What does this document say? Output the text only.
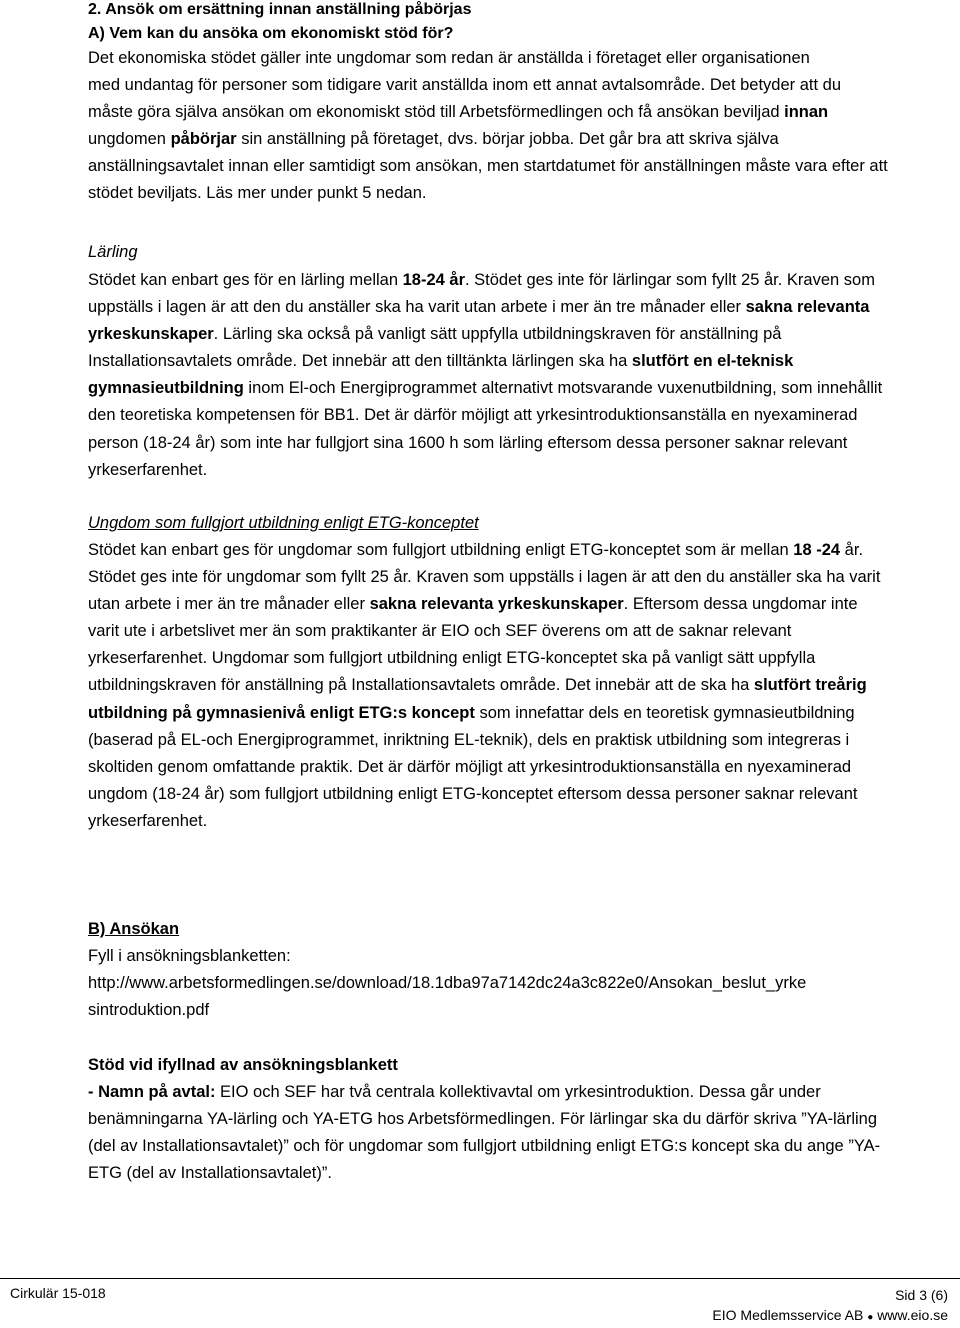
2. Ansök om ersättning innan anställning påbörjas
A) Vem kan du ansöka om ekonomiskt stöd för?
Det ekonomiska stödet gäller inte ungdomar som redan är anställda i företaget eller organisationen
med undantag för personer som tidigare varit anställda inom ett annat avtalsområde. Det betyder att du måste göra själva ansökan om ekonomiskt stöd till Arbetsförmedlingen och få ansökan beviljad innan ungdomen påbörjar sin anställning på företaget, dvs. börjar jobba. Det går bra att skriva själva anställningsavtalet innan eller samtidigt som ansökan, men startdatumet för anställningen måste vara efter att stödet beviljats. Läs mer under punkt 5 nedan.
Lärling
Stödet kan enbart ges för en lärling mellan 18-24 år. Stödet ges inte för lärlingar som fyllt 25 år. Kraven som uppställs i lagen är att den du anställer ska ha varit utan arbete i mer än tre månader eller sakna relevanta yrkeskunskaper. Lärling ska också på vanligt sätt uppfylla utbildningskraven för anställning på Installationsavtalets område. Det innebär att den tilltänkta lärlingen ska ha slutfört en el-teknisk gymnasieutbildning inom El-och Energiprogrammet alternativt motsvarande vuxenutbildning, som innehållit den teoretiska kompetensen för BB1. Det är därför möjligt att yrkesintroduktionsanställa en nyexaminerad person (18-24 år) som inte har fullgjort sina 1600 h som lärling eftersom dessa personer saknar relevant yrkeserfarenhet.
Ungdom som fullgjort utbildning enligt ETG-konceptet
Stödet kan enbart ges för ungdomar som fullgjort utbildning enligt ETG-konceptet som är mellan 18 -24 år. Stödet ges inte för ungdomar som fyllt 25 år. Kraven som uppställs i lagen är att den du anställer ska ha varit utan arbete i mer än tre månader eller sakna relevanta yrkeskunskaper. Eftersom dessa ungdomar inte varit ute i arbetslivet mer än som praktikanter är EIO och SEF överens om att de saknar relevant yrkeserfarenhet. Ungdomar som fullgjort utbildning enligt ETG-konceptet ska på vanligt sätt uppfylla utbildningskraven för anställning på Installationsavtalets område. Det innebär att de ska ha slutfört treårig utbildning på gymnasienivå enligt ETG:s koncept som innefattar dels en teoretisk gymnasieutbildning (baserad på EL-och Energiprogrammet, inriktning EL-teknik), dels en praktisk utbildning som integreras i skoltiden genom omfattande praktik. Det är därför möjligt att yrkesintroduktionsanställa en nyexaminerad ungdom (18-24 år) som fullgjort utbildning enligt ETG-konceptet eftersom dessa personer saknar relevant yrkeserfarenhet.
B) Ansökan
Fyll i ansökningsblanketten:
http://www.arbetsformedlingen.se/download/18.1dba97a7142dc24a3c822e0/Ansokan_beslut_yrke
sintroduktion.pdf
Stöd vid ifyllnad av ansökningsblankett
- Namn på avtal: EIO och SEF har två centrala kollektivavtal om yrkesintroduktion. Dessa går under benämningarna YA-lärling och YA-ETG hos Arbetsförmedlingen. För lärlingar ska du därför skriva ”YA-lärling (del av Installationsavtalet)” och för ungdomar som fullgjort utbildning enligt ETG:s koncept ska du ange ”YA-ETG (del av Installationsavtalet)”.
Cirkulär 15-018	Sid 3 (6)
EIO Medlemsservice AB ● www.eio.se
